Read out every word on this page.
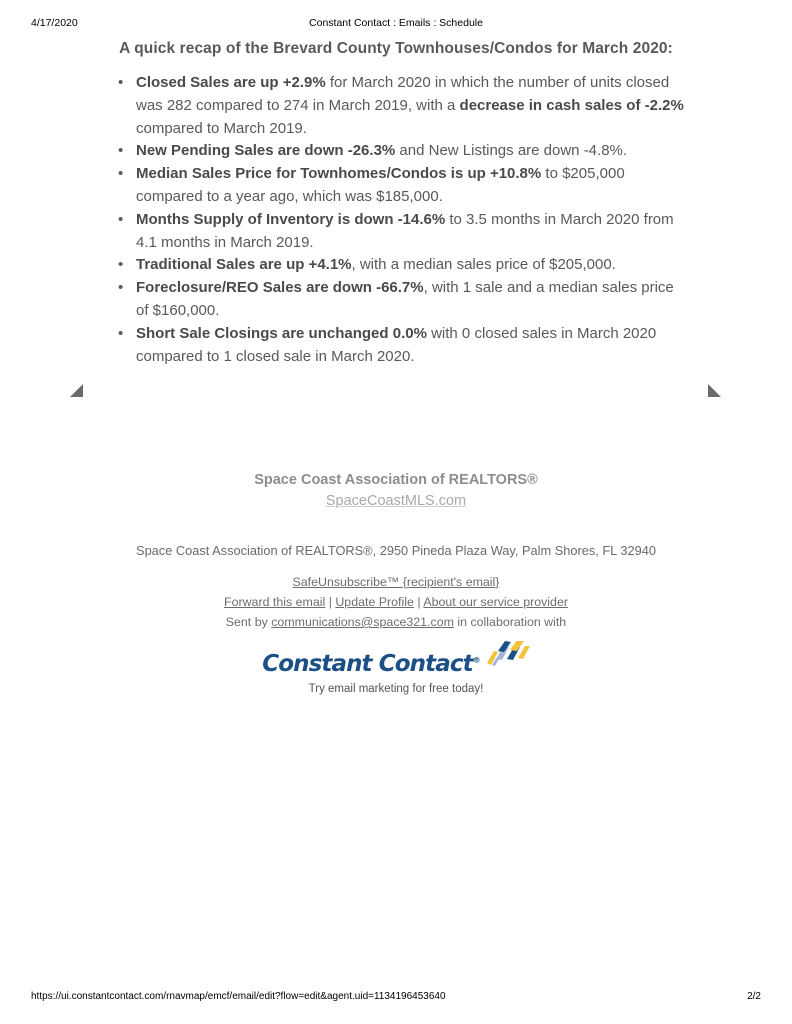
4/17/2020	Constant Contact : Emails : Schedule
A quick recap of the Brevard County Townhouses/Condos for March 2020:
• Closed Sales are up +2.9% for March 2020 in which the number of units closed was 282 compared to 274 in March 2019, with a decrease in cash sales of -2.2% compared to March 2019.
• New Pending Sales are down -26.3% and New Listings are down -4.8%.
• Median Sales Price for Townhomes/Condos is up +10.8% to $205,000 compared to a year ago, which was $185,000.
• Months Supply of Inventory is down -14.6% to 3.5 months in March 2020 from 4.1 months in March 2019.
• Traditional Sales are up +4.1%, with a median sales price of $205,000.
• Foreclosure/REO Sales are down -66.7%, with 1 sale and a median sales price of $160,000.
• Short Sale Closings are unchanged 0.0% with 0 closed sales in March 2020 compared to 1 closed sale in March 2020.
Space Coast Association of REALTORS®
SpaceCoastMLS.com
Space Coast Association of REALTORS®, 2950 Pineda Plaza Way, Palm Shores, FL 32940
SafeUnsubscribe™ {recipient's email}
Forward this email | Update Profile | About our service provider
Sent by communications@space321.com in collaboration with
Constant Contact®
Try email marketing for free today!
https://ui.constantcontact.com/rnavmap/emcf/email/edit?flow=edit&agent.uid=1134196453640	2/2
